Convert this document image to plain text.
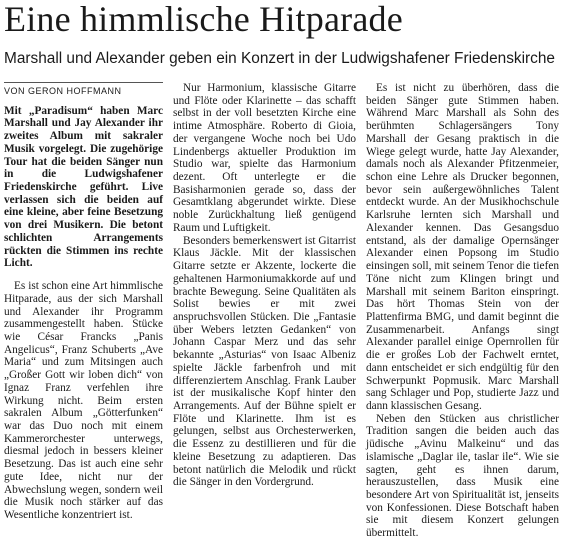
Eine himmlische Hitparade
Marshall und Alexander geben ein Konzert in der Ludwigshafener Friedenskirche
VON GERON HOFFMANN

Mit „Paradisum“ haben Marc Marshall und Jay Alexander ihr zweites Album mit sakraler Musik vorgelegt. Die zugehörige Tour hat die beiden Sänger nun in die Ludwigshafener Friedenskirche geführt. Live verlassen sich die beiden auf eine kleine, aber feine Besetzung von drei Musikern. Die betont schlichten Arrangements rückten die Stimmen ins rechte Licht.

Es ist schon eine Art himmlische Hitparade, aus der sich Marshall und Alexander ihr Programm zusammengestellt haben. Stücke wie César Francks „Panis Angelicus“, Franz Schuberts „Ave Maria“ und zum Mitsingen auch „Großer Gott wir loben dich“ von Ignaz Franz verfehlen ihre Wirkung nicht. Beim ersten sakralen Album „Götterfunken“ war das Duo noch mit einem Kammerorchester unterwegs, diesmal jedoch in bessers kleiner Besetzung. Das ist auch eine sehr gute Idee, nicht nur der Abwechslung wegen, sondern weil die Musik noch stärker auf das Wesentliche konzentriert ist.

Nur Harmonium, klassische Gitarre und Flöte oder Klarinette – das schafft selbst in der voll besetzten Kirche eine intime Atmosphäre. Roberto di Gioia, der vergangene Woche noch bei Udo Lindenbergs aktueller Produktion im Studio war, spielte das Harmonium dezent. Oft unterlegte er die Basisharmonien gerade so, dass der Gesamtklang abgerundet wirkte. Diese noble Zurückhaltung ließ genügend Raum und Luftigkeit.

Besonders bemerkenswert ist Gitarrist Klaus Jäckle. Mit der klassischen Gitarre setzte er Akzente, lockerte die gehaltenen Harmoniumakkorde auf und brachte Bewegung. Seine Qualitäten als Solist bewies er mit zwei anspruchsvollen Stücken. Die „Fantasie über Webers letzten Gedanken“ von Johann Caspar Merz und das sehr bekannte „Asturias“ von Isaac Albeniz spielte Jäckle farbenfroh und mit differenziertem Anschlag. Frank Lauber ist der musikalische Kopf hinter den Arrangements. Auf der Bühne spielt er Flöte und Klarinette. Ihm ist es gelungen, selbst aus Orchesterwerken, die Essenz zu destillieren und für die kleine Besetzung zu adaptieren. Das betont natürlich die Melodik und rückt die Sänger in den Vordergrund.

Es ist nicht zu überhören, dass die beiden Sänger gute Stimmen haben. Während Marc Marshall als Sohn des berühmten Schlagersängers Tony Marshall der Gesang praktisch in die Wiege gelegt wurde, hatte Jay Alexander, damals noch als Alexander Pfitzenmeier, schon eine Lehre als Drucker begonnen, bevor sein außergewöhnliches Talent entdeckt wurde. An der Musikhochschule Karlsruhe lernten sich Marshall und Alexander kennen. Das Gesangsduo entstand, als der damalige Opernsänger Alexander einen Popsong im Studio einsingen soll, mit seinem Tenor die tiefen Töne nicht zum Klingen bringt und Marshall mit seinem Bariton einspringt. Das hört Thomas Stein von der Plattenfirma BMG, und damit beginnt die Zusammenarbeit. Anfangs singt Alexander parallel einige Opernrollen für die er großes Lob der Fachwelt erntet, dann entscheidet er sich endgültig für den Schwerpunkt Popmusik. Marc Marshall sang Schlager und Pop, studierte Jazz und dann klassischen Gesang.

Neben den Stücken aus christlicher Tradition sangen die beiden auch das jüdische „Avinu Malkeinu“ und das islamische „Daglar ile, taslar ile“. Wie sie sagten, geht es ihnen darum, herauszustellen, dass Musik eine besondere Art von Spiritualität ist, jenseits von Konfessionen. Diese Botschaft haben sie mit diesem Konzert gelungen übermittelt.
